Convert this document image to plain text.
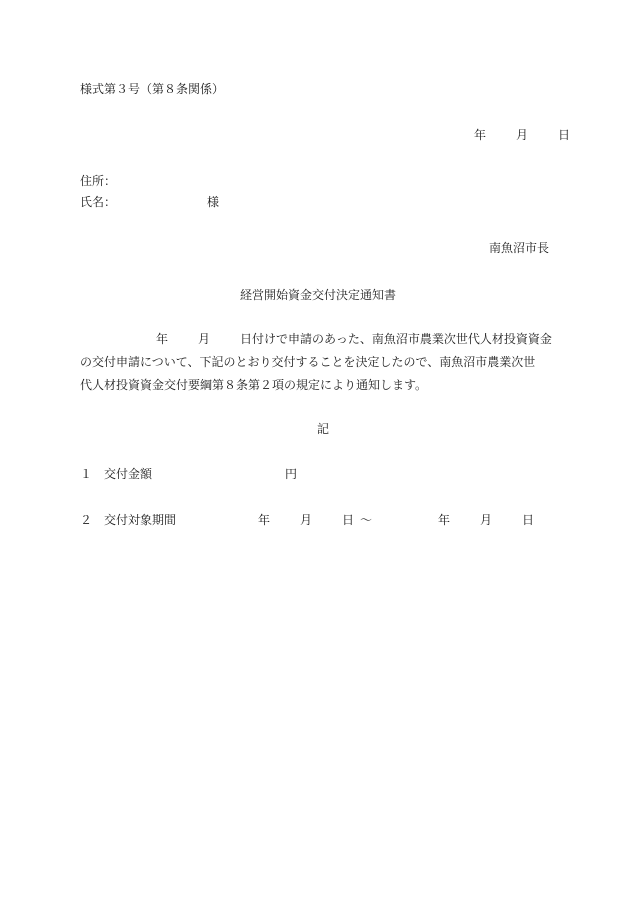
様式第３号（第８条関係）
年	月	日
住所：
氏名：	様
南魚沼市長
経営開始資金交付決定通知書
年	月	日付けで申請のあった、南魚沼市農業次世代人材投資資金
の交付申請について、下記のとおり交付することを決定したので、南魚沼市農業次世
代人材投資資金交付要綱第８条第２項の規定により通知します。
記
１ 交付金額	円
２ 交付対象期間	年	月	日 ～	年	月	日
